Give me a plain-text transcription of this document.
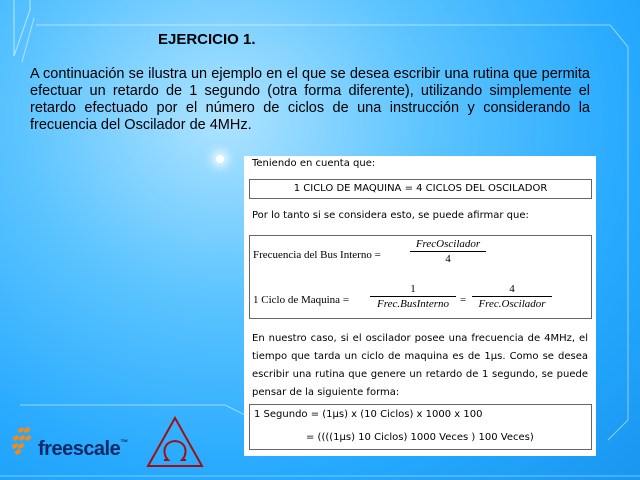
EJERCICIO 1.
A continuación se ilustra un ejemplo en el que se desea escribir una rutina que permita efectuar un retardo de 1 segundo (otra forma diferente), utilizando simplemente el retardo efectuado por el número de ciclos de una instrucción y considerando la frecuencia del Oscilador de 4MHz.
Teniendo en cuenta que:
1 CICLO DE MAQUINA = 4 CICLOS DEL OSCILADOR
Por lo tanto si se considera esto, se puede afirmar que:
Frecuencia del Bus Interno =
FrecOscilador
4
1 Ciclo de Maquina =
1
Frec.BusInterno	=
4
Frec.Oscilador
En nuestro caso, si el oscilador posee una frecuencia de 4MHz, el tiempo que tarda un ciclo de maquina es de 1µs. Como se desea escribir una rutina que genere un retardo de 1 segundo, se puede pensar de la siguiente forma:
1 Segundo = (1µs) x (10 Ciclos) x 1000 x 100
= ((((1µs) 10 Ciclos) 1000 Veces ) 100 Veces)
freescale™
